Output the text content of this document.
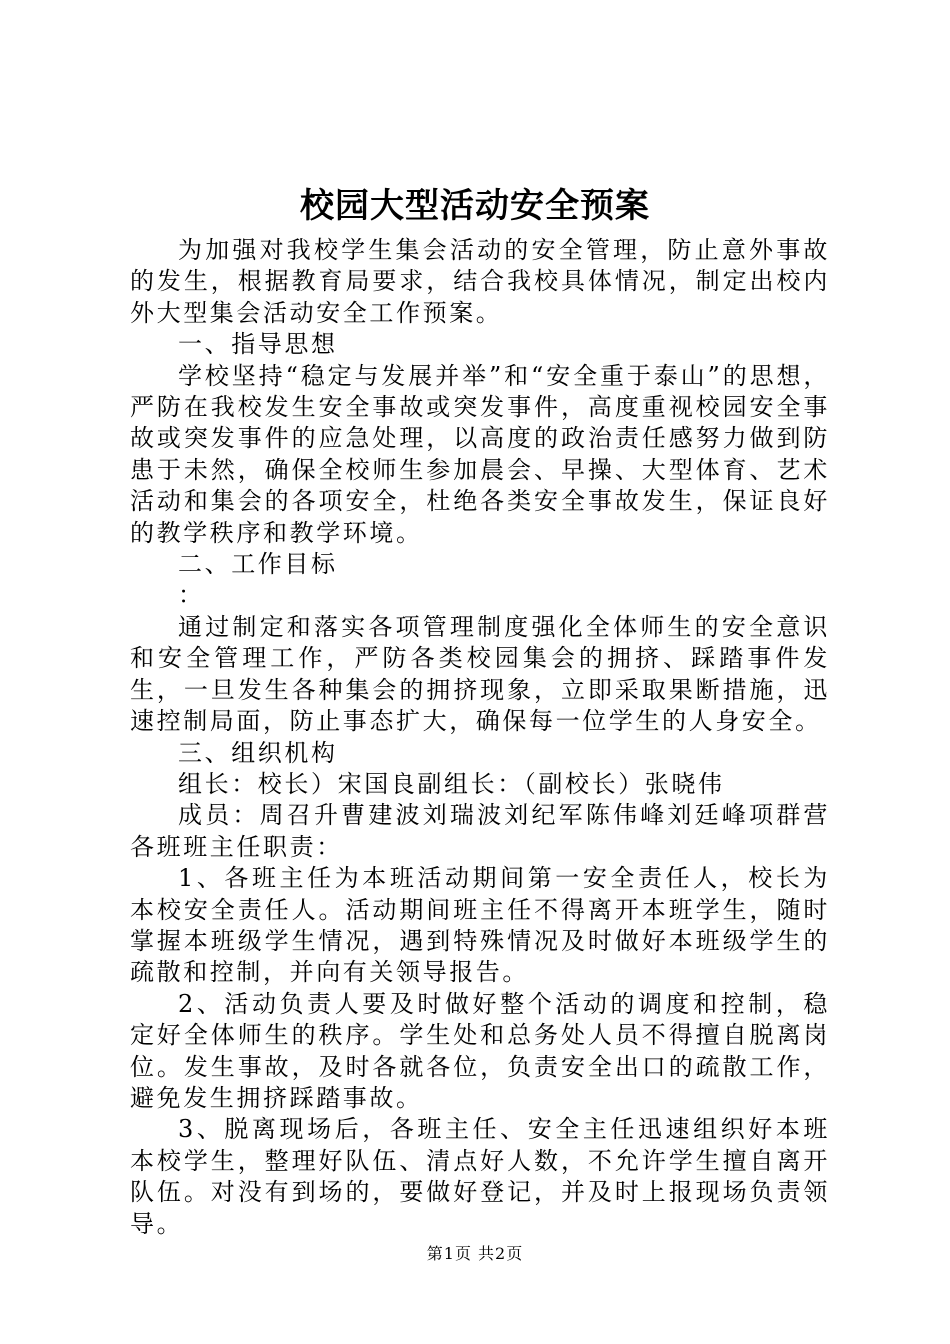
校园大型活动安全预案

为加强对我校学生集会活动的安全管理，防止意外事故的发生，根据教育局要求，结合我校具体情况，制定出校内外大型集会活动安全工作预案。

一、指导思想

学校坚持“稳定与发展并举”和“安全重于泰山”的思想，严防在我校发生安全事故或突发事件，高度重视校园安全事故或突发事件的应急处理，以高度的政治责任感努力做到防患于未然，确保全校师生参加晨会、早操、大型体育、艺术活动和集会的各项安全，杜绝各类安全事故发生，保证良好的教学秩序和教学环境。

二、工作目标

：

通过制定和落实各项管理制度强化全体师生的安全意识和安全管理工作，严防各类校园集会的拥挤、踩踏事件发生，一旦发生各种集会的拥挤现象，立即采取果断措施，迅速控制局面，防止事态扩大，确保每一位学生的人身安全。

三、组织机构

组长：校长）宋国良副组长：（副校长）张晓伟

成员：周召升曹建波刘瑞波刘纪军陈伟峰刘廷峰项群营各班班主任职责：

1、各班主任为本班活动期间第一安全责任人，校长为本校安全责任人。活动期间班主任不得离开本班学生，随时掌握本班级学生情况，遇到特殊情况及时做好本班级学生的疏散和控制，并向有关领导报告。

2、活动负责人要及时做好整个活动的调度和控制，稳定好全体师生的秩序。学生处和总务处人员不得擅自脱离岗位。发生事故，及时各就各位，负责安全出口的疏散工作，避免发生拥挤踩踏事故。

3、脱离现场后，各班主任、安全主任迅速组织好本班本校学生，整理好队伍、清点好人数，不允许学生擅自离开队伍。对没有到场的，要做好登记，并及时上报现场负责领导。

第1页 共2页
